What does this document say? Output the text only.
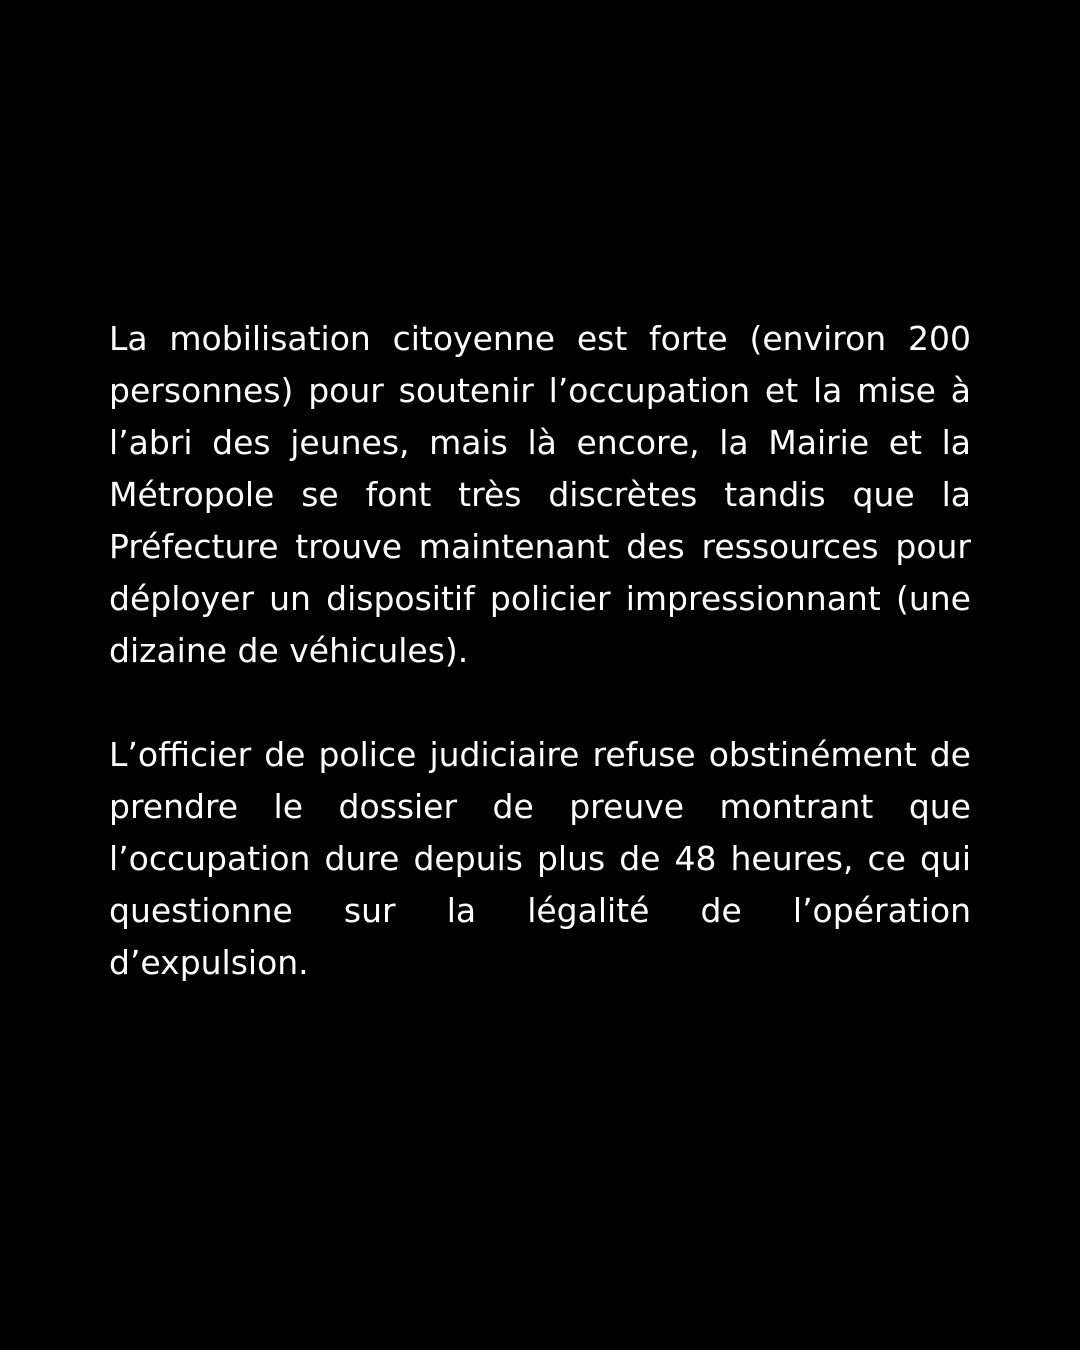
La mobilisation citoyenne est forte (environ 200 personnes) pour soutenir l’occupation et la mise à l’abri des jeunes, mais là encore, la Mairie et la Métropole se font très discrètes tandis que la Préfecture trouve maintenant des ressources pour déployer un dispositif policier impressionnant (une dizaine de véhicules).

L’officier de police judiciaire refuse obstinément de prendre le dossier de preuve montrant que l’occupation dure depuis plus de 48 heures, ce qui questionne sur la légalité de l’opération d’expulsion.
